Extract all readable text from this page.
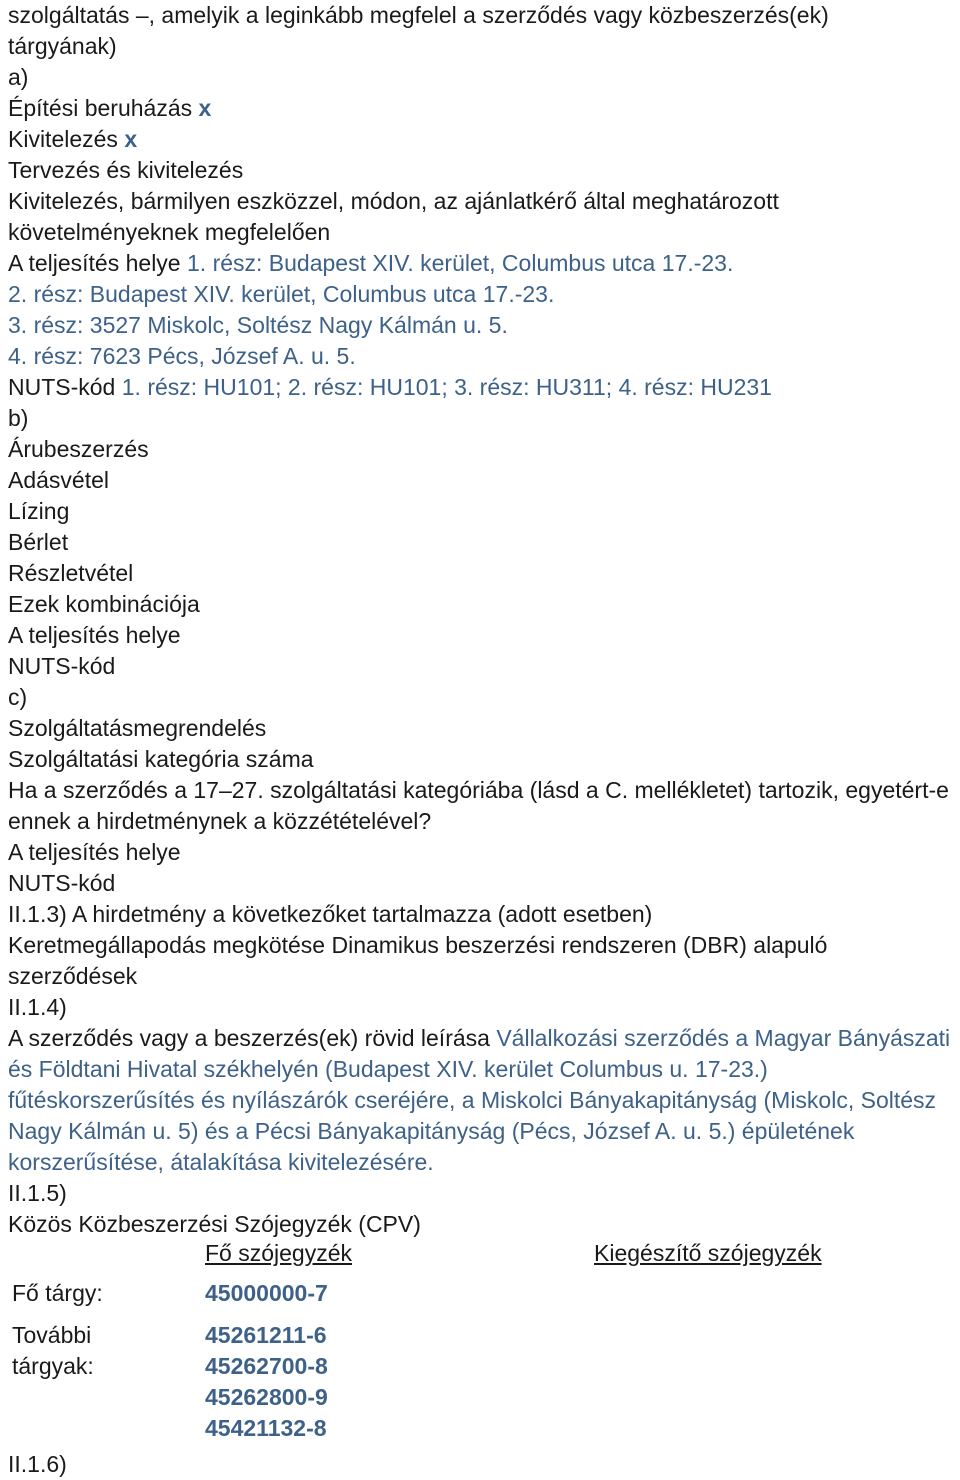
szolgáltatás –, amelyik a leginkább megfelel a szerződés vagy közbeszerzés(ek)
tárgyának)
a)
Építési beruházás x
Kivitelezés x
Tervezés és kivitelezés
Kivitelezés, bármilyen eszközzel, módon, az ajánlatkérő által meghatározott
követelményeknek megfelelően
A teljesítés helye 1. rész: Budapest XIV. kerület, Columbus utca 17.-23.
2. rész: Budapest XIV. kerület, Columbus utca 17.-23.
3. rész: 3527 Miskolc, Soltész Nagy Kálmán u. 5.
4. rész: 7623 Pécs, József A. u. 5.
NUTS-kód 1. rész: HU101; 2. rész: HU101; 3. rész: HU311; 4. rész: HU231
b)
Árubeszerzés
Adásvétel
Lízing
Bérlet
Részletvétel
Ezek kombinációja
A teljesítés helye
NUTS-kód
c)
Szolgáltatásmegrendelés
Szolgáltatási kategória száma
Ha a szerződés a 17–27. szolgáltatási kategóriába (lásd a C. mellékletet) tartozik, egyetért-e ennek a hirdetménynek a közzétételével?
A teljesítés helye
NUTS-kód
II.1.3) A hirdetmény a következőket tartalmazza (adott esetben)
Keretmegállapodás megkötése Dinamikus beszerzési rendszeren (DBR) alapuló szerződések
II.1.4)
A szerződés vagy a beszerzés(ek) rövid leírása Vállalkozási szerződés a Magyar Bányászati és Földtani Hivatal székhelyén (Budapest XIV. kerület Columbus u. 17-23.) fűtéskorszerűsítés és nyílászárók cseréjére, a Miskolci Bányakapitányság (Miskolc, Soltész Nagy Kálmán u. 5) és a Pécsi Bányakapitányság (Pécs, József A. u. 5.) épületének korszerűsítése, átalakítása kivitelezésére.
II.1.5)
Közös Közbeszerzési Szójegyzék (CPV)
Fő szójegyzék	Kiegészítő szójegyzék
Fő tárgy:	45000000-7
További tárgyak:
45261211-6
45262700-8
45262800-9
45421132-8
II.1.6)
